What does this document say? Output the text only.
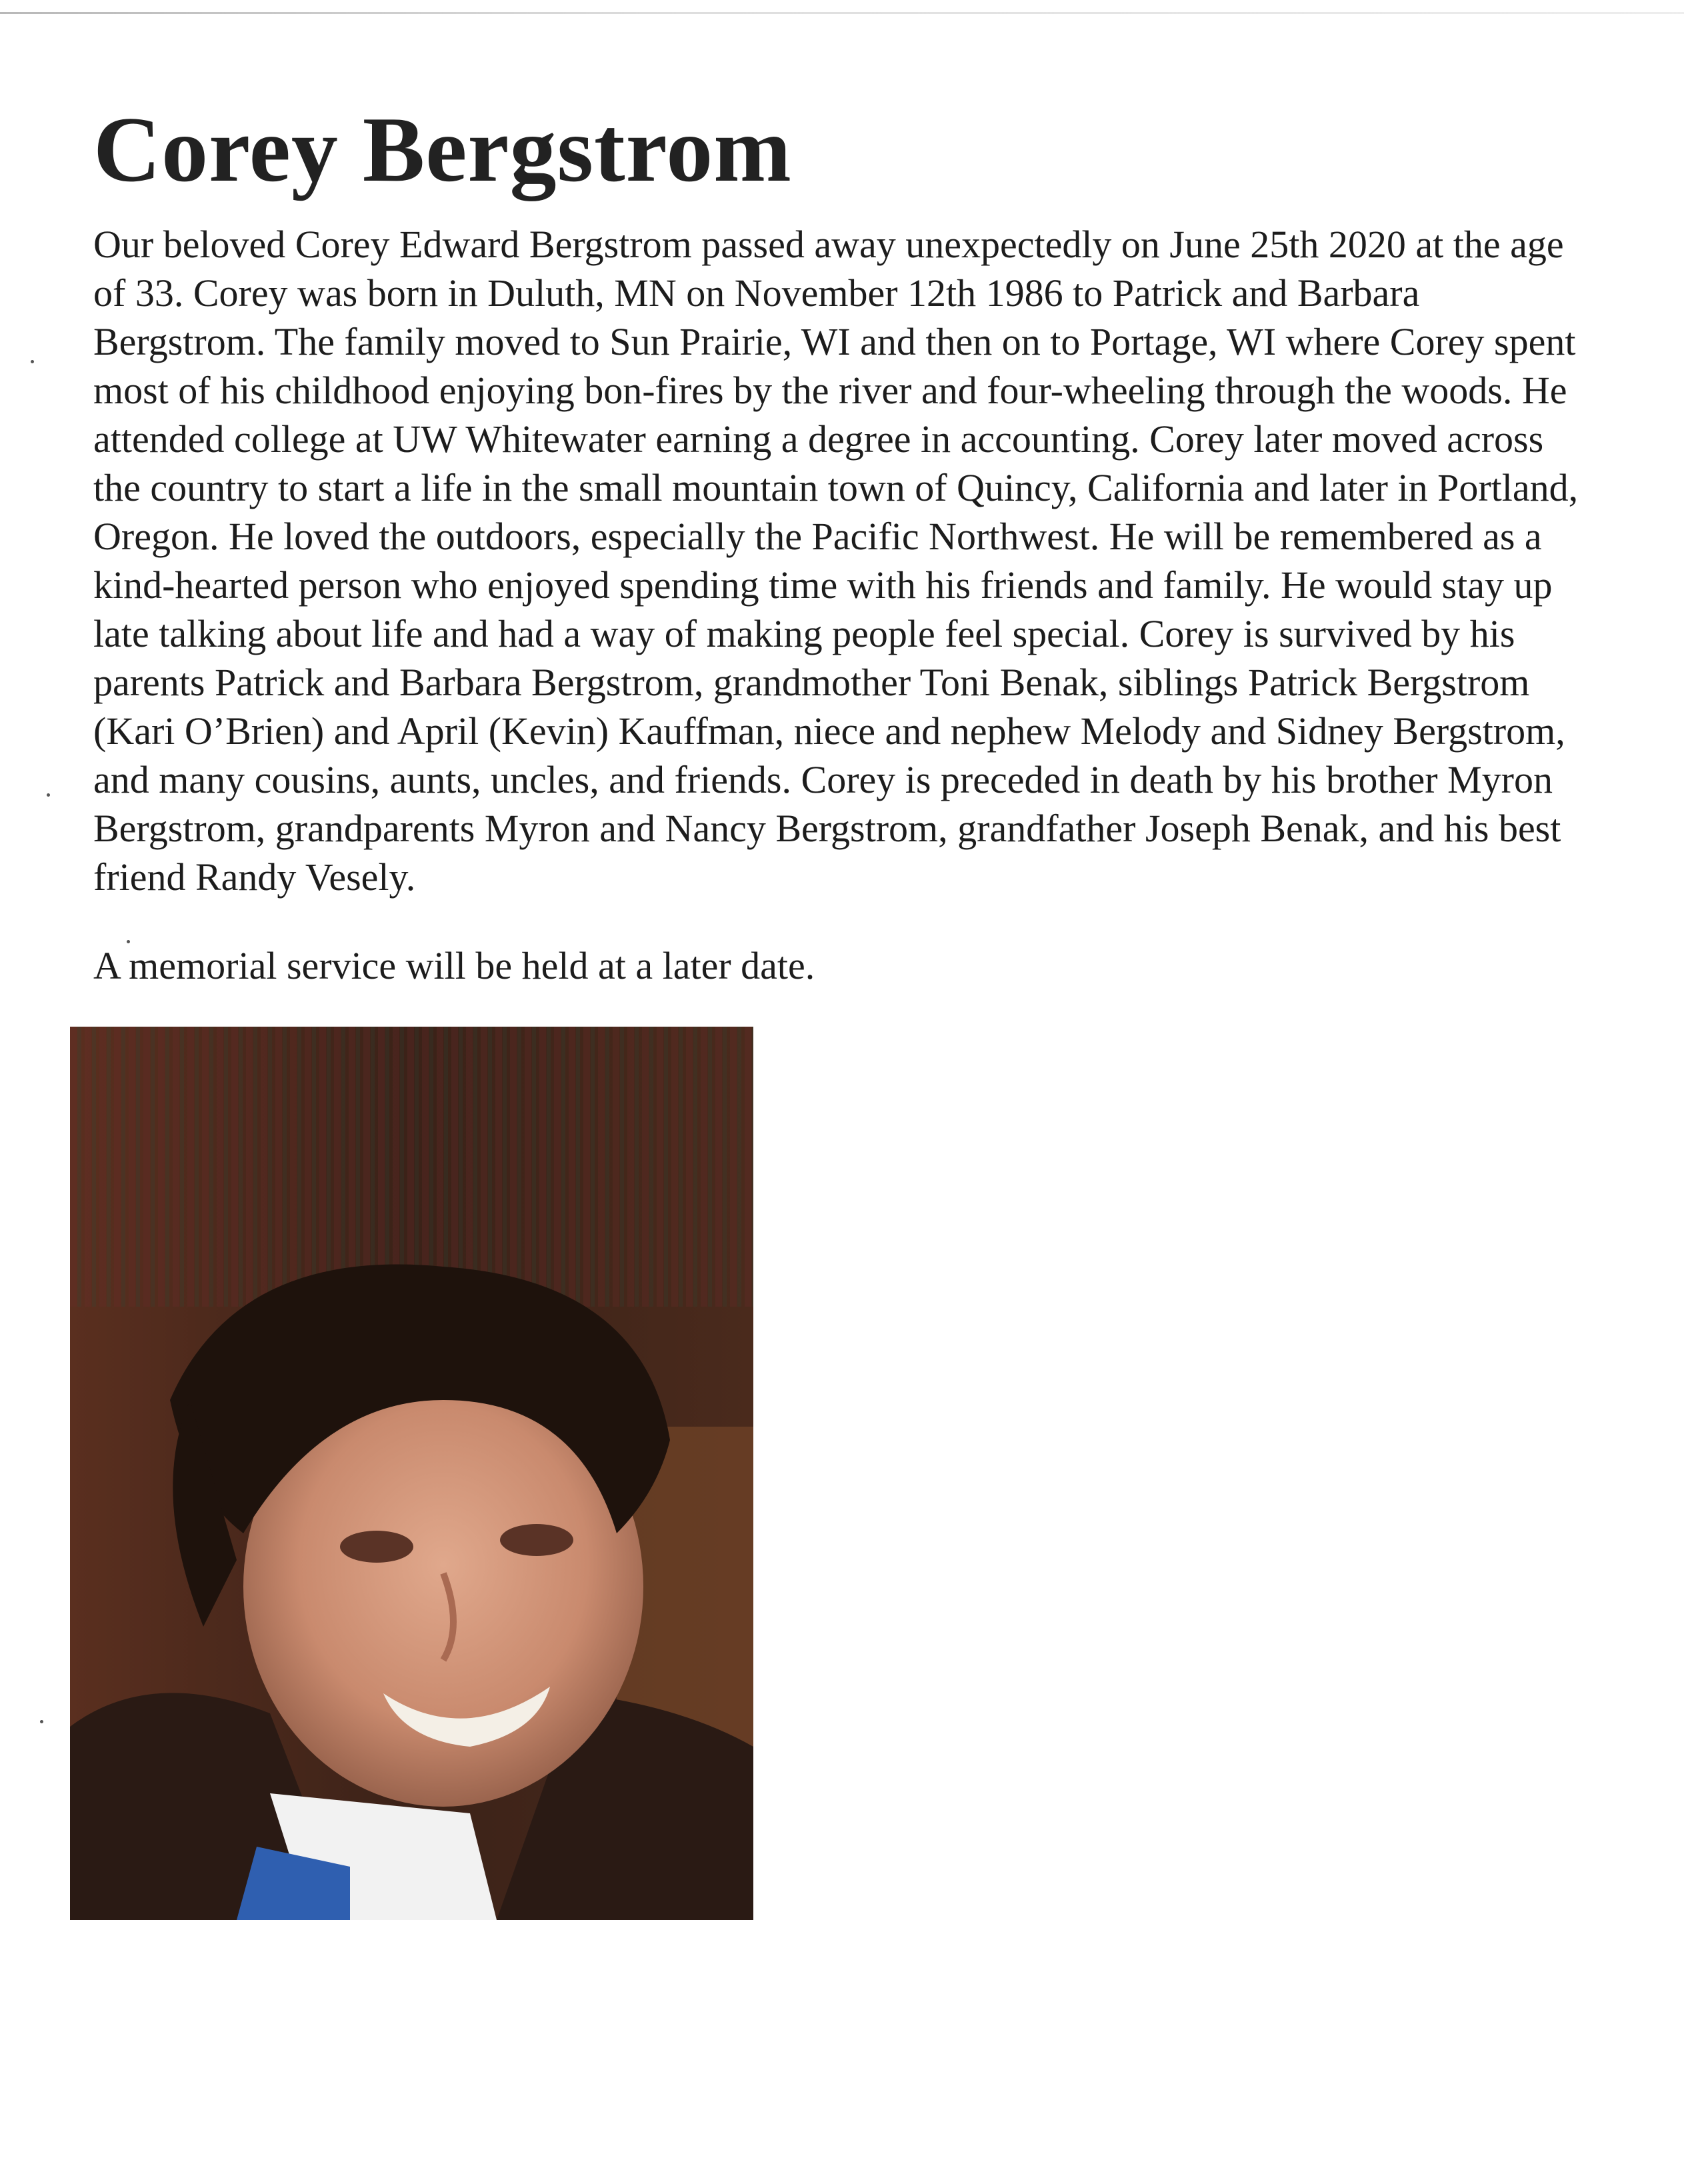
Corey Bergstrom

Our beloved Corey Edward Bergstrom passed away unexpectedly on June 25th 2020 at the age of 33. Corey was born in Duluth, MN on November 12th 1986 to Patrick and Barbara Bergstrom. The family moved to Sun Prairie, WI and then on to Portage, WI where Corey spent most of his childhood enjoying bon-fires by the river and four-wheeling through the woods. He attended college at UW Whitewater earning a degree in accounting. Corey later moved across the country to start a life in the small mountain town of Quincy, California and later in Portland, Oregon. He loved the outdoors, especially the Pacific Northwest. He will be remembered as a kind-hearted person who enjoyed spending time with his friends and family. He would stay up late talking about life and had a way of making people feel special. Corey is survived by his parents Patrick and Barbara Bergstrom, grandmother Toni Benak, siblings Patrick Bergstrom (Kari O’Brien) and April (Kevin) Kauffman, niece and nephew Melody and Sidney Bergstrom, and many cousins, aunts, uncles, and friends. Corey is preceded in death by his brother Myron Bergstrom, grandparents Myron and Nancy Bergstrom, grandfather Joseph Benak, and his best friend Randy Vesely.

A memorial service will be held at a later date.
